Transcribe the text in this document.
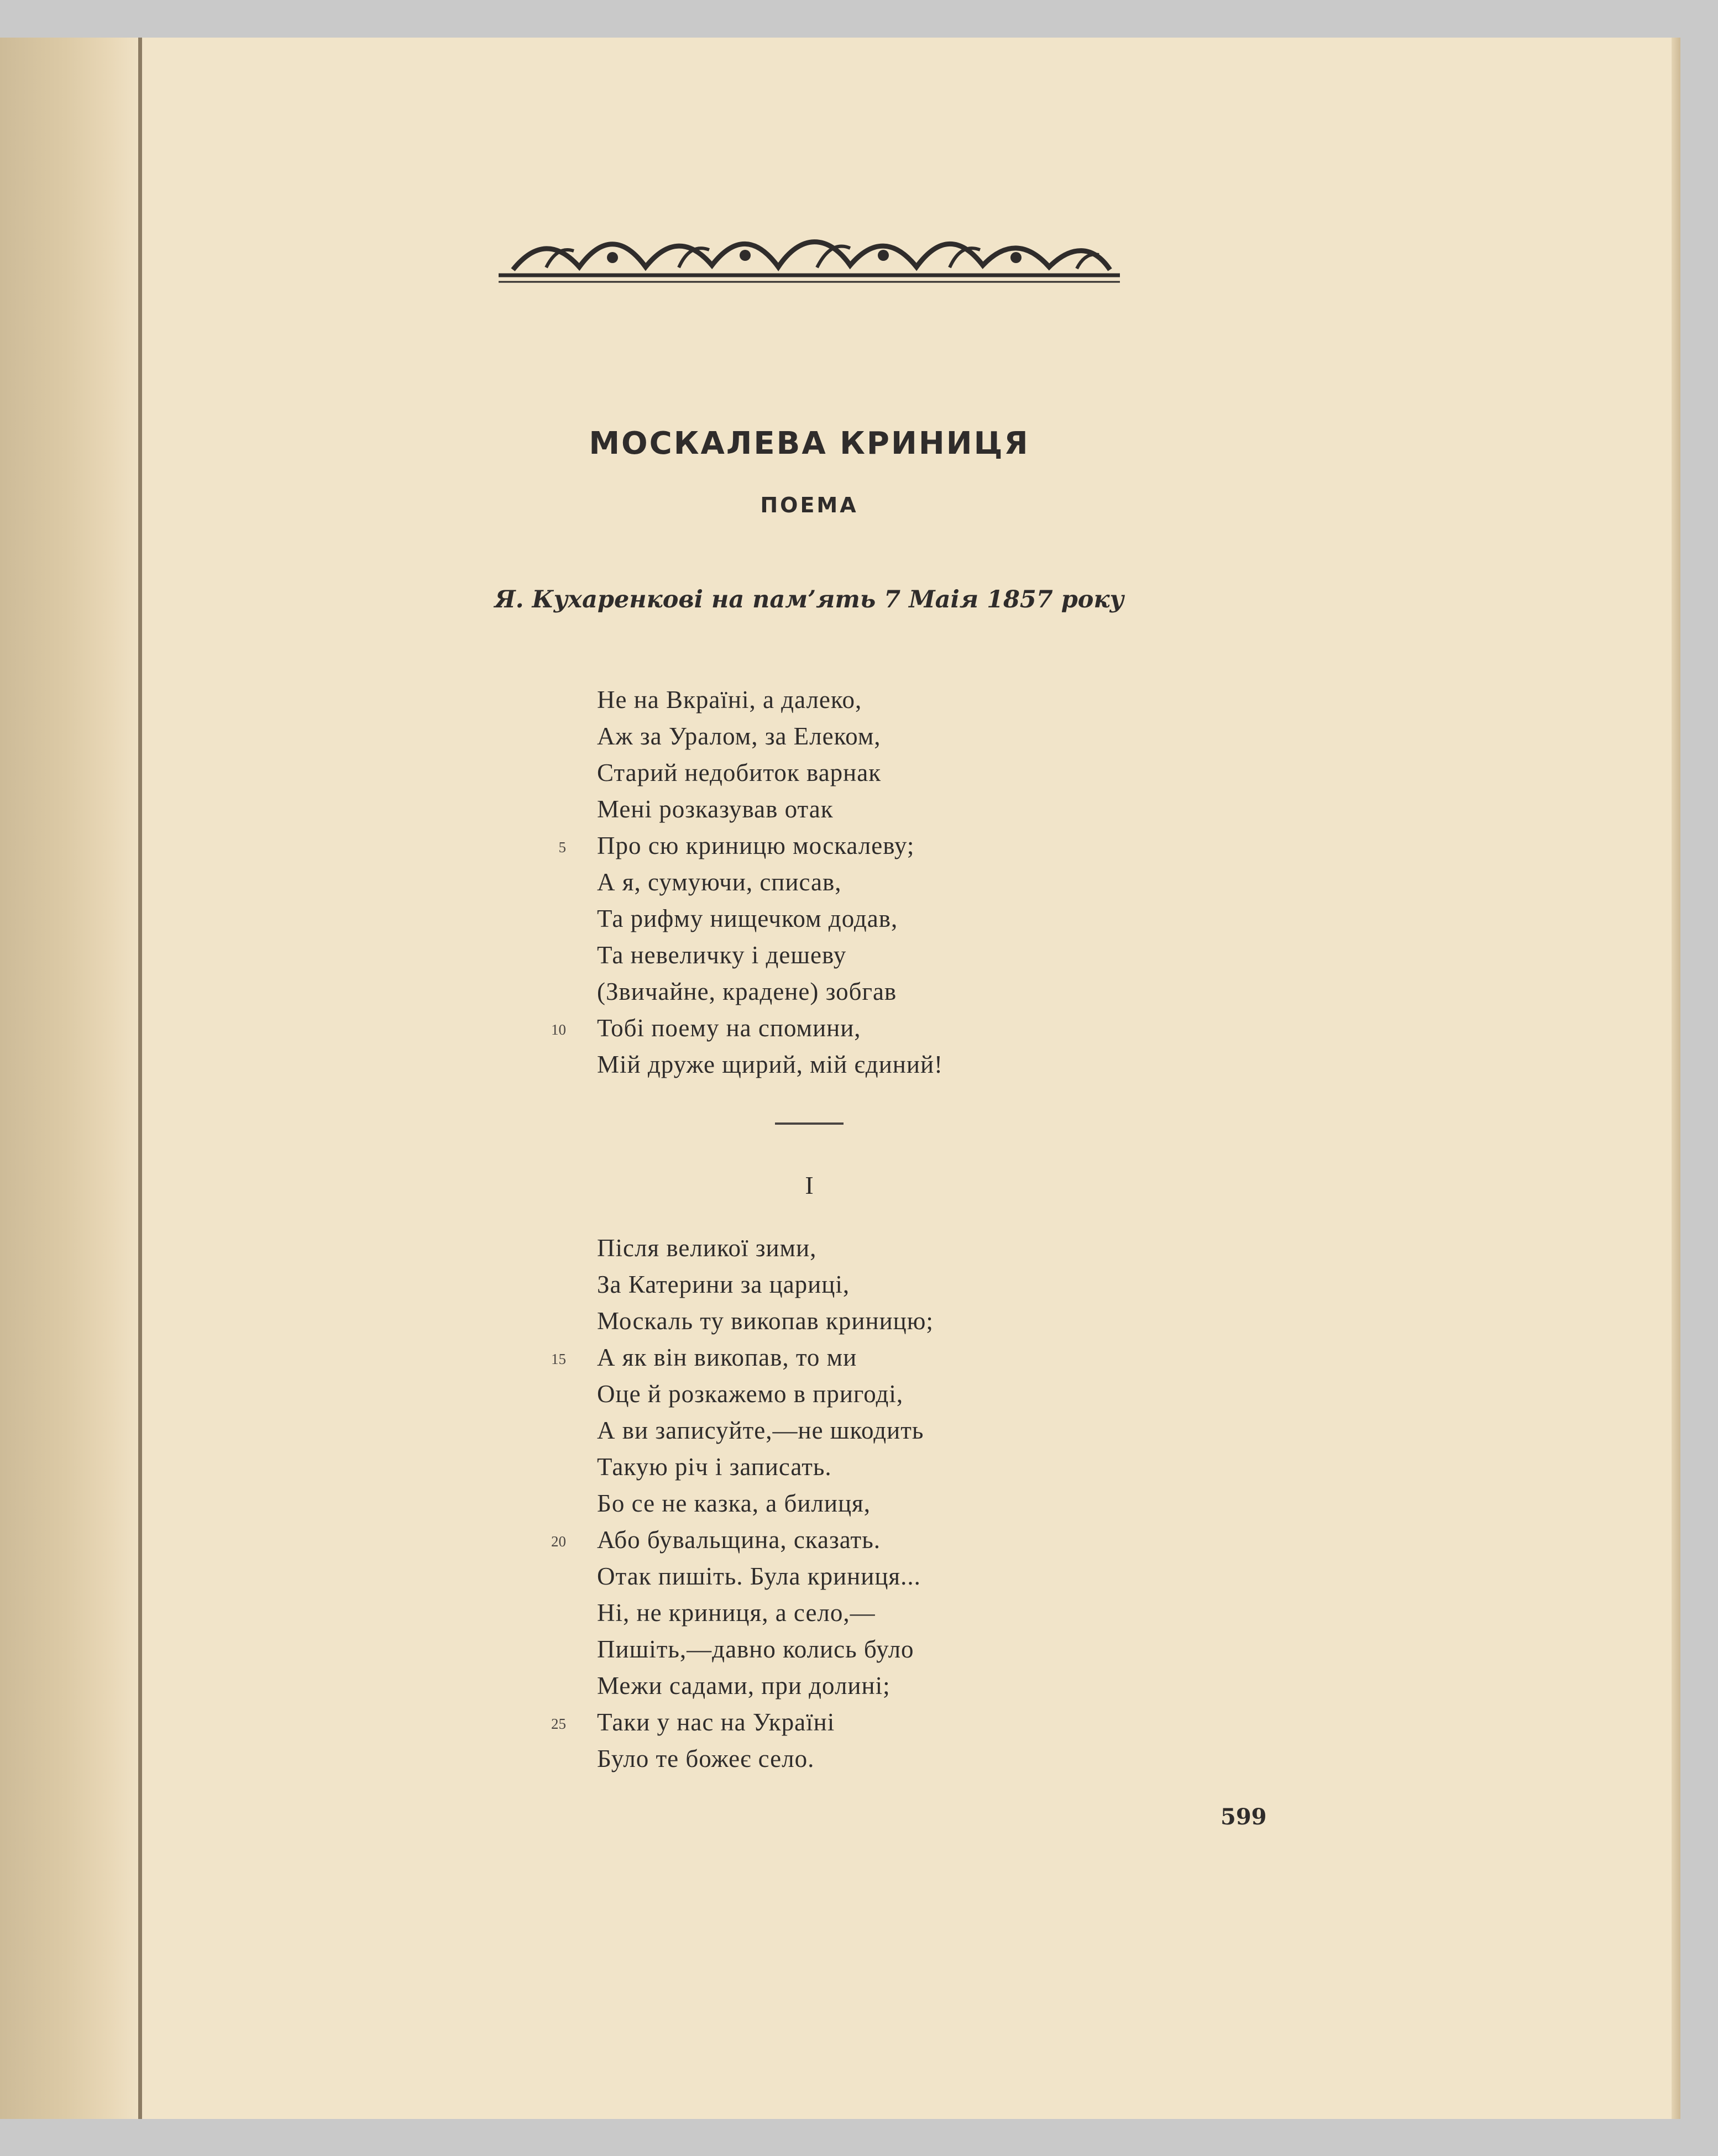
МОСКАЛЕВА КРИНИЦЯ
ПОЕМА
Я. Кухаренкові на пам’ять 7 Маія 1857 року
Не на Вкраїні, а далеко,
Аж за Уралом, за Елеком,
Старий недобиток варнак
Мені розказував отак
Про сю криницю москалеву;
А я, сумуючи, списав,
Та рифму нищечком додав,
Та невеличку і дешеву
(Звичайне, крадене) зобгав
Тобі поему на спомини,
Мій друже щирий, мій єдиний!
5
10
I
Після великої зими,
За Катерини за цариці,
Москаль ту викопав криницю;
А як він викопав, то ми
Оце й розкажемо в пригоді,
А ви записуйте,—не шкодить
Такую річ і записать.
Бо се не казка, а билиця,
Або бувальщина, сказать.
Отак пишіть. Була криниця...
Ні, не криниця, а село,—
Пишіть,—давно колись було
Межи садами, при долині;
Таки у нас на Україні
Було те божеє село.
15
20
25
599
